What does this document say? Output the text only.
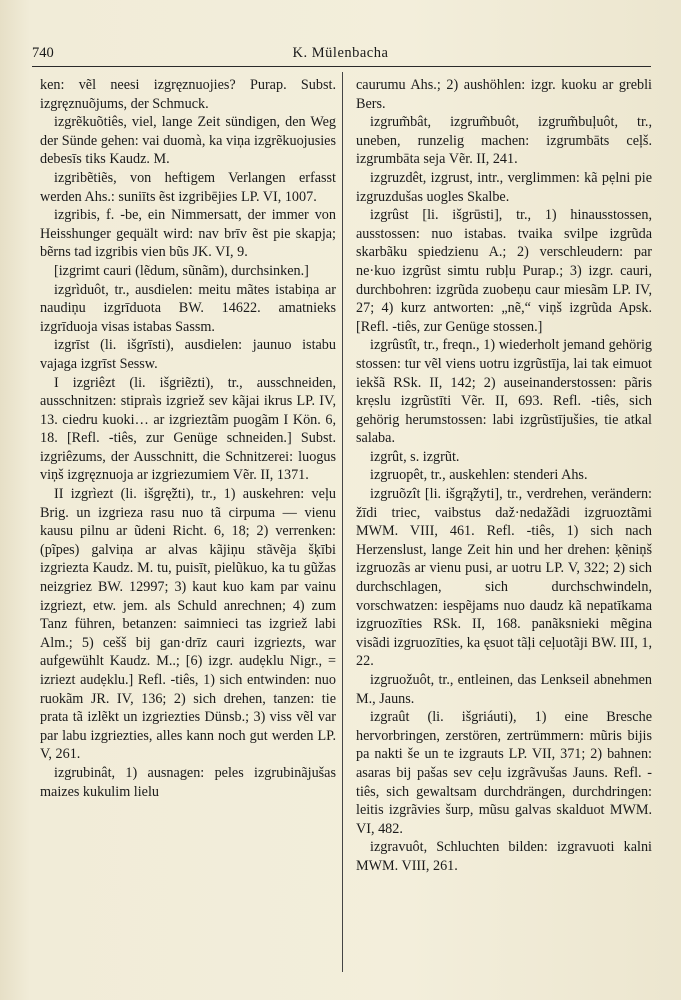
740	K. Mülenbacha

ken: vẽl neesi izgręznuojies? Purap. Subst. izgręznuõjums, der Schmuck.

izgrẽkuõtiês, viel, lange Zeit sündigen, den Weg der Sünde gehen: vai duomà, ka viņa izgrẽkuojusies debesīs tiks Kaudz. M.

izgribẽtiẽs, von heftigem Verlangen erfasst werden Ahs.: suniīts ẽst izgribējies LP. VI, 1007.

izgribis, f. -be, ein Nimmersatt, der immer von Heisshunger gequält wird: nav brīv ẽst pie skapja; bẽrns tad izgribis vien bũs JK. VI, 9.

[izgrimt cauri (lẽdum, sũnãm), durchsinken.]

izgrìduôt, tr., ausdielen: meitu mãtes istabiņa ar naudiņu izgrīduota BW. 14622. amatnieks izgrīduoja visas istabas Sassm.

izgrīst (li. išgrīsti), ausdielen: jaunuo istabu vajaga izgrīst Sessw.

I izgriêzt (li. išgriẽzti), tr., ausschneiden, ausschnitzen: stipraìs izgriež sev kãjai ikrus LP. IV, 13. ciedru kuoki… ar izgrieztãm puogãm I Kön. 6, 18. [Refl. -tiês, zur Genüge schneiden.] Subst. izgriêzums, der Ausschnitt, die Schnitzerei: luogus viņš izgręznuoja ar izgriezumiem Vẽr. II, 1371.

II izgrìezt (li. išgrę̃žti), tr., 1) auskehren: veļu Brig. un izgrieza rasu nuo tã cirpuma — vienu kausu pilnu ar ũdeni Richt. 6, 18; 2) verrenken: (pĩpes) galviņa ar alvas kãjiņu stãvẽja šķībi izgriezta Kaudz. M. tu, puisīt, pielũkuo, ka tu gũžas neizgriez BW. 12997; 3) kaut kuo kam par vainu izgriezt, etw. jem. als Schuld anrechnen; 4) zum Tanz führen, betanzen: saimnieci tas izgriež labi Alm.; 5) cešš bij gan·drīz cauri izgriezts, war aufgewühlt Kaudz. M..; [6) izgr. audẹklu Nigr., = izriezt audẹklu.] Refl. -tiês, 1) sich entwinden: nuo ruokãm JR. IV, 136; 2) sich drehen, tanzen: tie prata tã izlẽkt un izgriezties Dünsb.; 3) viss vẽl var par labu izgriezties, alles kann noch gut werden LP. V, 261.

izgrubinât, 1) ausnagen: peles izgrubinãjušas maizes kukulim lielu

caurumu Ahs.; 2) aushöhlen: izgr. kuoku ar grebli Bers.

izgrum̃bât, izgrum̃buôt, izgrum̃buļuôt, tr., uneben, runzelig machen: izgrumbāts ceļš. izgrumbāta seja Vẽr. II, 241.

izgruzdêt, izgrust, intr., verglimmen: kã pẹlni pie izgruzdušas uogles Skalbe.

izgrûst [li. išgrūsti], tr., 1) hinausstossen, ausstossen: nuo istabas. tvaika svilpe izgrũda skarbãku spiedzienu A.; 2) verschleudern: par ne·kuo izgrũst simtu rubļu Purap.; 3) izgr. cauri, durchbohren: izgrũda zuobeņu caur miesãm LP. IV, 27; 4) kurz antworten: „nẽ,“ viņš izgrũda Apsk. [Refl. -tiês, zur Genüge stossen.]

izgrûstît, tr., freqn., 1) wiederholt jemand gehörig stossen: tur vẽl viens uotru izgrũstīja, lai tak eimuot iekšã RSk. II, 142; 2) auseinanderstossen: pãris krẹslu izgrũstīti Vẽr. II, 693. Refl. -tiês, sich gehörig herumstossen: labi izgrũstījušies, tie atkal salaba.

izgrût, s. izgrũt.

izgruopêt, tr., auskehlen: stenderi Ahs.

izgruõzît [li. išgrą̃žyti], tr., verdrehen, verändern: žīdi triec, vaibstus daž·nedažãdi izgruoztãmi MWM. VIII, 461. Refl. -tiês, 1) sich nach Herzenslust, lange Zeit hin und her drehen: ķẽniņš izgruozãs ar vienu pusi, ar uotru LP. V, 322; 2) sich durchschlagen, sich durchschwindeln, vorschwatzen: iespẽjams nuo daudz kã nepatīkama izgruozīties RSk. II, 168. panãksnieki mẽgina visãdi izgruozīties, ka ęsuot tãļi ceļuotãji BW. III, 1, 22.

izgruožuôt, tr., entleinen, das Lenkseil abnehmen M., Jauns.

izgraût (li. išgriáuti), 1) eine Bresche hervorbringen, zerstören, zertrümmern: mũris bijis pa nakti še un te izgrauts LP. VII, 371; 2) bahnen: asaras bij pašas sev ceļu izgrãvušas Jauns. Refl. -tiês, sich gewaltsam durchdrängen, durchdringen: leitis izgrãvies šurp, mũsu galvas skalduot MWM. VI, 482.

izgravuôt, Schluchten bilden: izgravuoti kalni MWM. VIII, 261.
